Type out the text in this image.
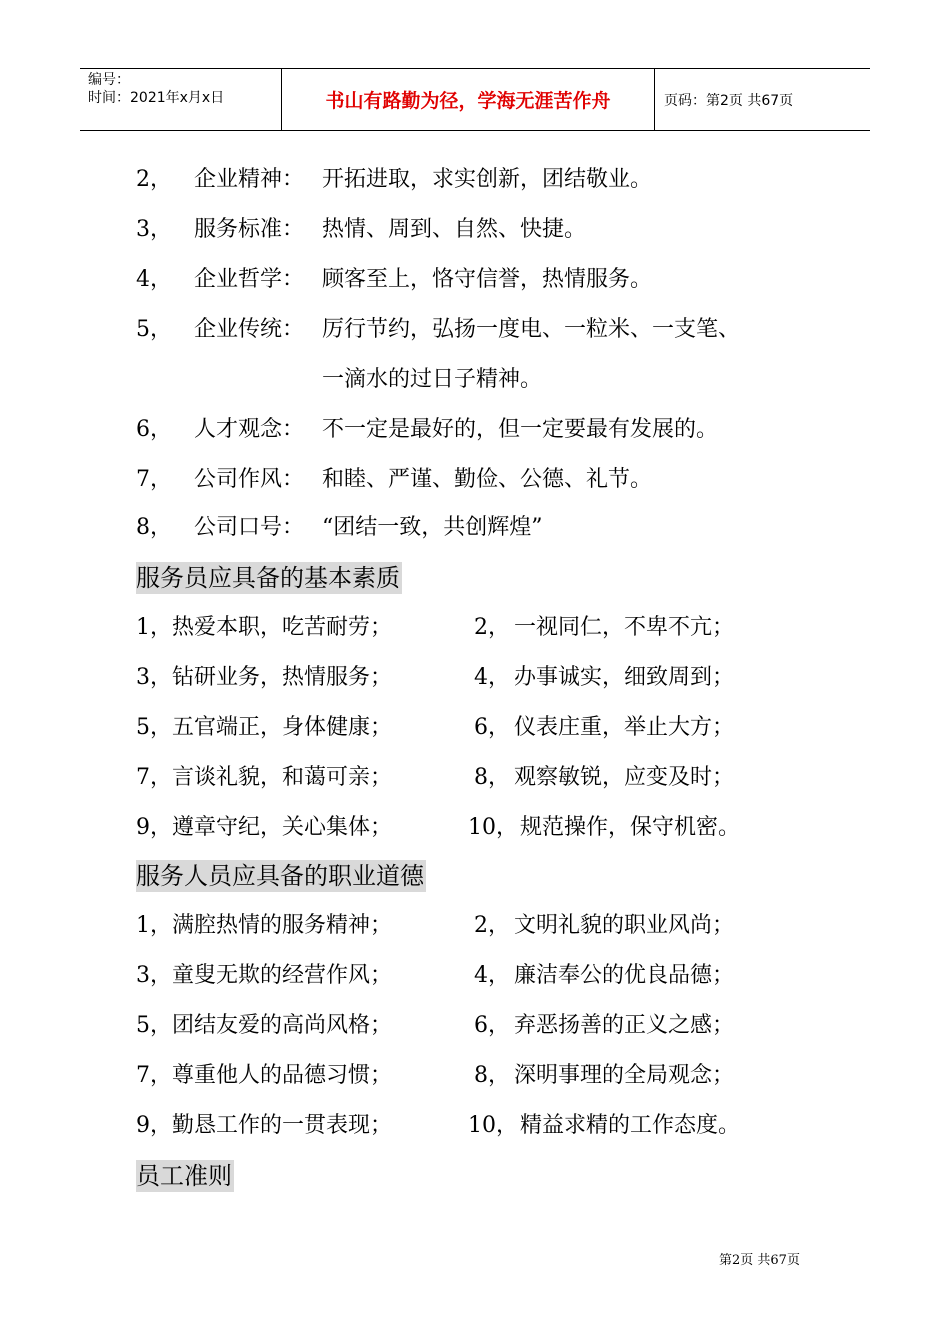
编号：
时间：2021年x月x日	书山有路勤为径，学海无涯苦作舟	页码：第2页 共67页
2， 企业精神： 开拓进取，求实创新，团结敬业。
3， 服务标准： 热情、周到、自然、快捷。
4， 企业哲学： 顾客至上，恪守信誉，热情服务。
5， 企业传统： 厉行节约，弘扬一度电、一粒米、一支笔、
一滴水的过日子精神。
6， 人才观念： 不一定是最好的，但一定要最有发展的。
7， 公司作风： 和睦、严谨、勤俭、公德、礼节。
8， 公司口号： “团结一致，共创辉煌”
服务员应具备的基本素质
1，热爱本职，吃苦耐劳；	2， 一视同仁，不卑不亢；
3，钻研业务，热情服务；	4， 办事诚实，细致周到；
5，五官端正，身体健康；	6， 仪表庄重，举止大方；
7，言谈礼貌，和蔼可亲；	8， 观察敏锐，应变及时；
9，遵章守纪，关心集体；	10， 规范操作，保守机密。
服务人员应具备的职业道德
1，满腔热情的服务精神；	2， 文明礼貌的职业风尚；
3，童叟无欺的经营作风；	4， 廉洁奉公的优良品德；
5，团结友爱的高尚风格；	6， 弃恶扬善的正义之感；
7，尊重他人的品德习惯；	8， 深明事理的全局观念；
9，勤恳工作的一贯表现；	10， 精益求精的工作态度。
员工准则
第2页 共67页
